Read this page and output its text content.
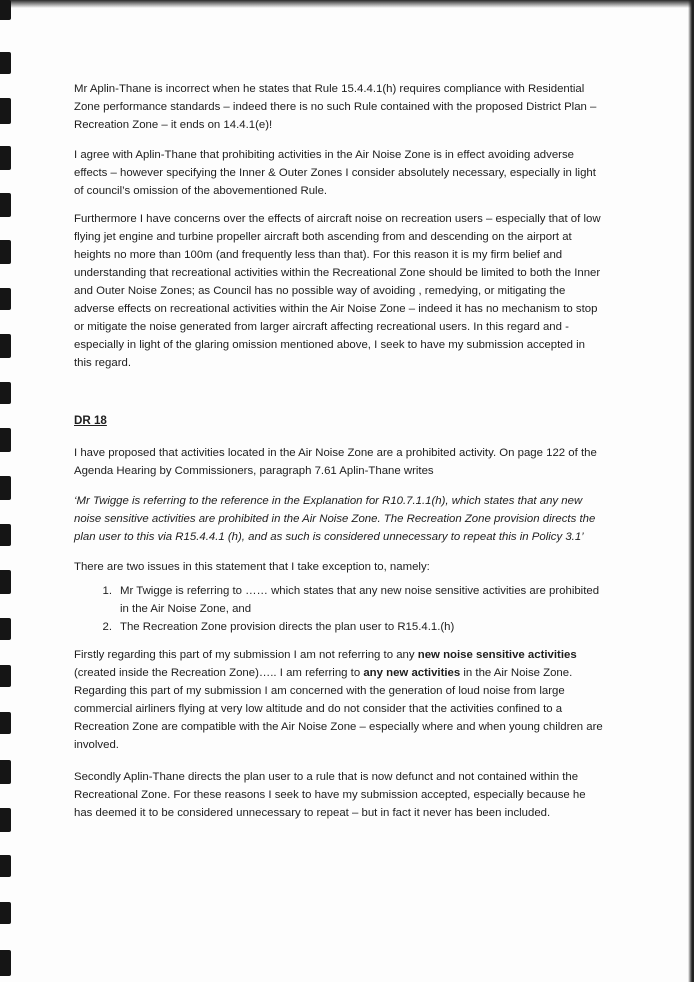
Mr Aplin-Thane is incorrect when he states that Rule 15.4.4.1(h) requires compliance with Residential Zone performance standards – indeed there is no such Rule contained with the proposed District Plan – Recreation Zone – it ends on 14.4.1(e)!

I agree with Aplin-Thane that prohibiting activities in the Air Noise Zone is in effect avoiding adverse effects – however specifying the Inner & Outer Zones I consider absolutely necessary, especially in light of council’s omission of the abovementioned Rule.

Furthermore I have concerns over the effects of aircraft noise on recreation users – especially that of low flying jet engine and turbine propeller aircraft both ascending from and descending on the airport at heights no more than 100m (and frequently less than that). For this reason it is my firm belief and understanding that recreational activities within the Recreational Zone should be limited to both the Inner and Outer Noise Zones; as Council has no possible way of avoiding , remedying, or mitigating the adverse effects on recreational activities within the Air Noise Zone – indeed it has no mechanism to stop or mitigate the noise generated from larger aircraft affecting recreational users. In this regard and - especially in light of the glaring omission mentioned above, I seek to have my submission accepted in this regard.

DR 18

I have proposed that activities located in the Air Noise Zone are a prohibited activity. On page 122 of the Agenda Hearing by Commissioners, paragraph 7.61 Aplin-Thane writes

‘Mr Twigge is referring to the reference in the Explanation for R10.7.1.1(h), which states that any new noise sensitive activities are prohibited in the Air Noise Zone. The Recreation Zone provision directs the plan user to this via R15.4.4.1 (h), and as such is considered unnecessary to repeat this in Policy 3.1’

There are two issues in this statement that I take exception to, namely:

1. Mr Twigge is referring to …… which states that any new noise sensitive activities are prohibited in the Air Noise Zone, and
2. The Recreation Zone provision directs the plan user to R15.4.1.(h)

Firstly regarding this part of my submission I am not referring to any new noise sensitive activities (created inside the Recreation Zone)….. I am referring to any new activities in the Air Noise Zone. Regarding this part of my submission I am concerned with the generation of loud noise from large commercial airliners flying at very low altitude and do not consider that the activities confined to a Recreation Zone are compatible with the Air Noise Zone – especially where and when young children are involved.

Secondly Aplin-Thane directs the plan user to a rule that is now defunct and not contained within the Recreational Zone. For these reasons I seek to have my submission accepted, especially because he has deemed it to be considered unnecessary to repeat – but in fact it never has been included.
